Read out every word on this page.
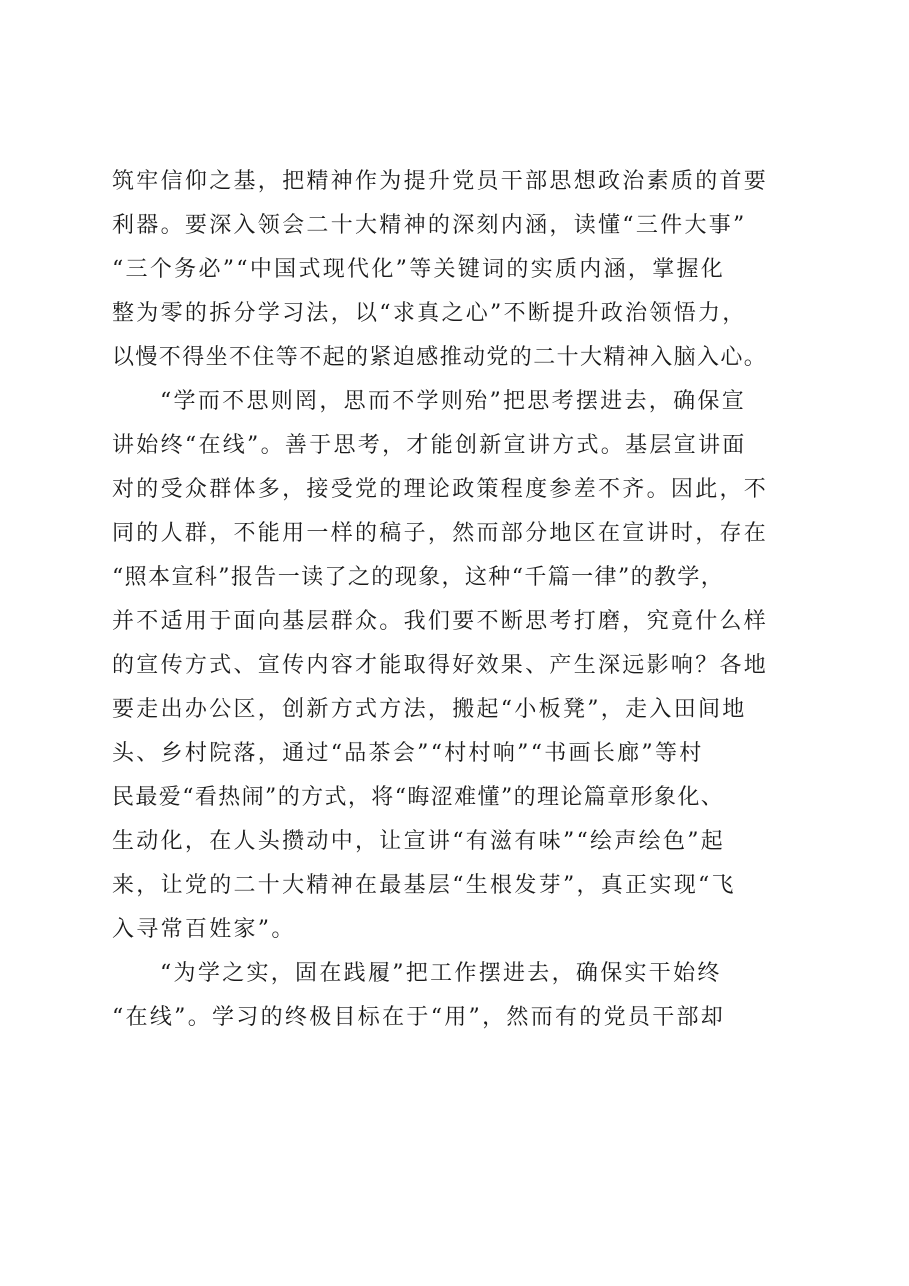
筑牢信仰之基，把精神作为提升党员干部思想政治素质的首要
利器。要深入领会二十大精神的深刻内涵，读懂“三件大事”
“三个务必”“中国式现代化”等关键词的实质内涵，掌握化
整为零的拆分学习法，以“求真之心”不断提升政治领悟力，
以慢不得坐不住等不起的紧迫感推动党的二十大精神入脑入心。
“学而不思则罔，思而不学则殆”把思考摆进去，确保宣
讲始终“在线”。善于思考，才能创新宣讲方式。基层宣讲面
对的受众群体多，接受党的理论政策程度参差不齐。因此，不
同的人群，不能用一样的稿子，然而部分地区在宣讲时，存在
“照本宣科”报告一读了之的现象，这种“千篇一律”的教学，
并不适用于面向基层群众。我们要不断思考打磨，究竟什么样
的宣传方式、宣传内容才能取得好效果、产生深远影响？各地
要走出办公区，创新方式方法，搬起“小板凳”，走入田间地
头、乡村院落，通过“品茶会”“村村响”“书画长廊”等村
民最爱“看热闹”的方式，将“晦涩难懂”的理论篇章形象化、
生动化，在人头攒动中，让宣讲“有滋有味”“绘声绘色”起
来，让党的二十大精神在最基层“生根发芽”，真正实现“飞
入寻常百姓家”。
“为学之实，固在践履”把工作摆进去，确保实干始终
“在线”。学习的终极目标在于“用”，然而有的党员干部却
